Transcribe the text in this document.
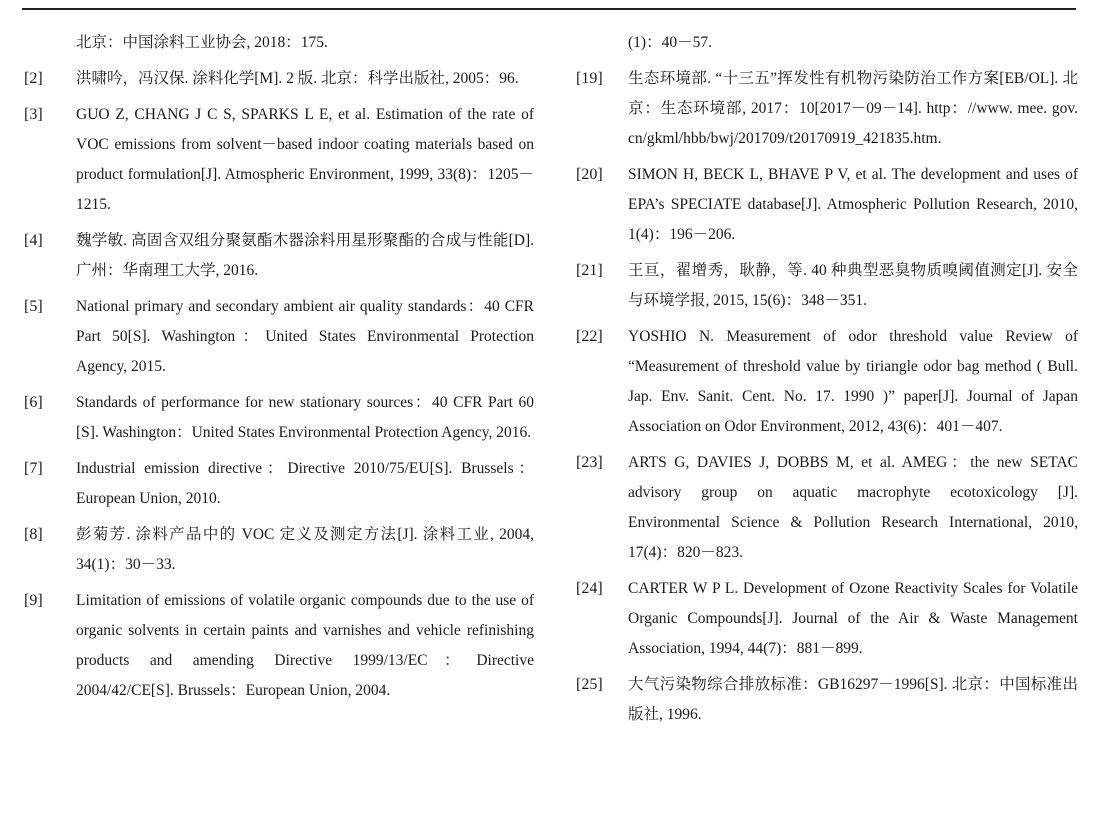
北京：中国涂料工业协会, 2018：175.
[2] 洪啸吟，冯汉保. 涂料化学[M]. 2 版. 北京：科学出版社, 2005：96.
[3] GUO Z, CHANG J C S, SPARKS L E, et al. Estimation of the rate of VOC emissions from solvent－based indoor coating materials based on product formulation[J]. Atmospheric Environment, 1999, 33(8)：1205－1215.
[4] 魏学敏. 高固含双组分聚氨酯木器涂料用星形聚酯的合成与性能[D]. 广州：华南理工大学, 2016.
[5] National primary and secondary ambient air quality standards：40 CFR Part 50[S]. Washington：United States Environmental Protection Agency, 2015.
[6] Standards of performance for new stationary sources：40 CFR Part 60 [S]. Washington：United States Environmental Protection Agency, 2016.
[7] Industrial emission directive：Directive 2010/75/EU[S]. Brussels：European Union, 2010.
[8] 彭菊芳. 涂料产品中的 VOC 定义及测定方法[J]. 涂料工业, 2004, 34(1)：30－33.
[9] Limitation of emissions of volatile organic compounds due to the use of organic solvents in certain paints and varnishes and vehicle refinishing products and amending Directive 1999/13/EC：Directive 2004/42/CE[S]. Brussels：European Union, 2004.
(1)：40－57.
[19] 生态环境部. “十三五”挥发性有机物污染防治工作方案[EB/OL]. 北京：生态环境部, 2017：10[2017－09－14]. http：//www. mee. gov. cn/gkml/hbb/bwj/201709/t20170919_421835.htm.
[20] SIMON H, BECK L, BHAVE P V, et al. The development and uses of EPA’s SPECIATE database[J]. Atmospheric Pollution Research, 2010, 1(4)：196－206.
[21] 王亘，翟增秀，耿静，等. 40 种典型恶臭物质嗅阈值测定[J]. 安全与环境学报, 2015, 15(6)：348－351.
[22] YOSHIO N. Measurement of odor threshold value Review of “Measurement of threshold value by tiriangle odor bag method ( Bull. Jap. Env. Sanit. Cent. No. 17. 1990 )” paper[J]. Journal of Japan Association on Odor Environment, 2012, 43(6)：401－407.
[23] ARTS G, DAVIES J, DOBBS M, et al. AMEG：the new SETAC advisory group on aquatic macrophyte ecotoxicology [J]. Environmental Science & Pollution Research International, 2010, 17(4)：820－823.
[24] CARTER W P L. Development of Ozone Reactivity Scales for Volatile Organic Compounds[J]. Journal of the Air & Waste Management Association, 1994, 44(7)：881－899.
[25] 大气污染物综合排放标准：GB16297－1996[S]. 北京：中国标准出版社, 1996.
